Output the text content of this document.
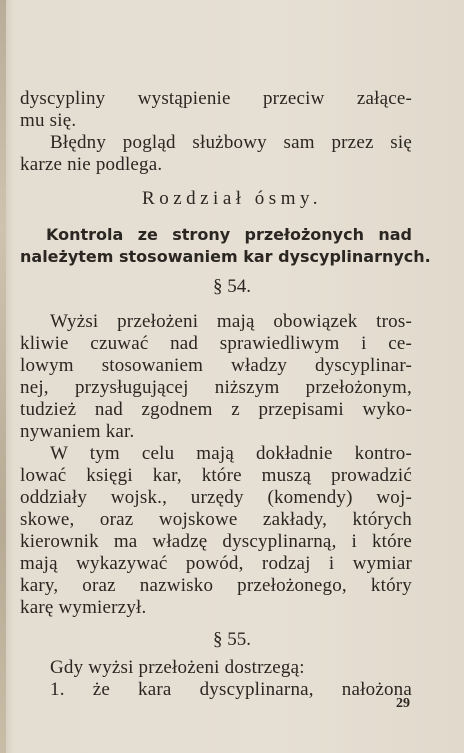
dyscypliny wystąpienie przeciw załące-
mu się.
Błędny pogląd służbowy sam przez się
karze nie podlega.
Rozdział ósmy.
Kontrola ze strony przełożonych nad
należytem stosowaniem kar dyscyplinarnych.
§ 54.
Wyżsi przełożeni mają obowiązek tros-
kliwie czuwać nad sprawiedliwym i ce-
lowym stosowaniem władzy dyscyplinar-
nej, przysługującej niższym przełożonym,
tudzież nad zgodnem z przepisami wyko-
nywaniem kar.
W tym celu mają dokładnie kontro-
lować księgi kar, które muszą prowadzić
oddziały wojsk., urzędy (komendy) woj-
skowe, oraz wojskowe zakłady, których
kierownik ma władzę dyscyplinarną, i które
mają wykazywać powód, rodzaj i wymiar
kary, oraz nazwisko przełożonego, który
karę wymierzył.
§ 55.
Gdy wyżsi przełożeni dostrzegą:
1. że kara dyscyplinarna, nałożona
29
